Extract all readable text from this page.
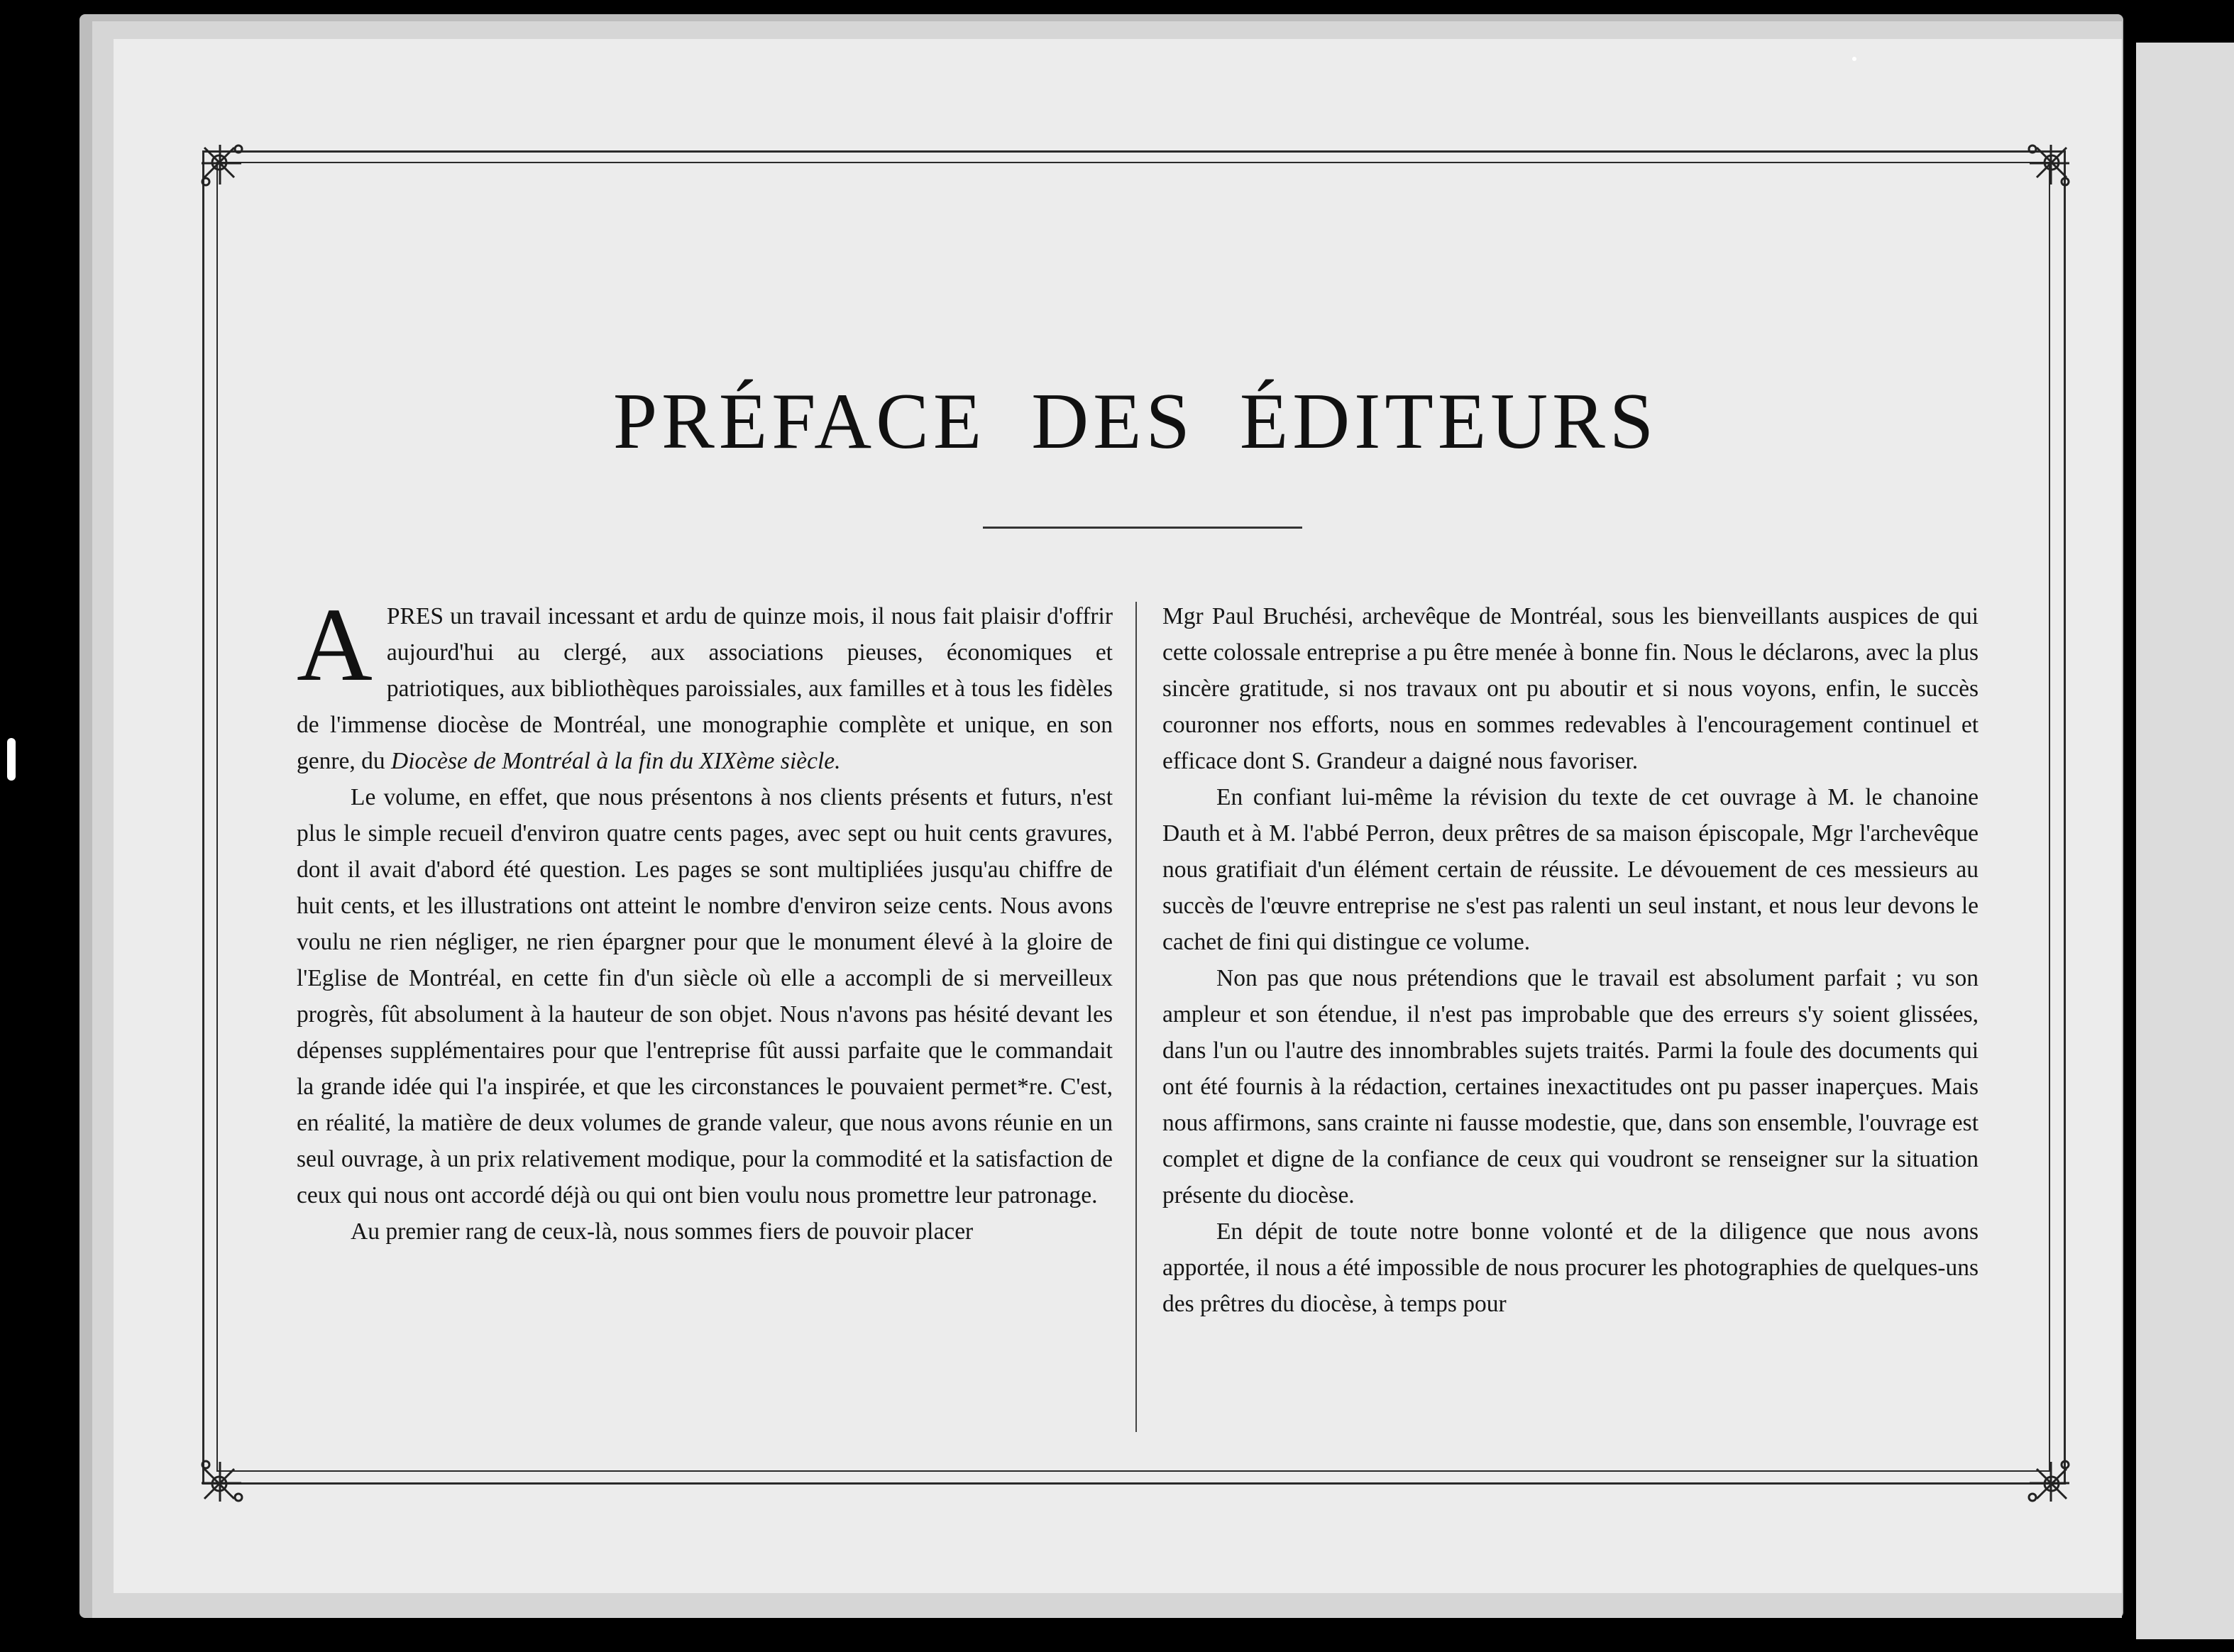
PRÉFACE DES ÉDITEURS

APRES un travail incessant et ardu de quinze mois, il nous fait plaisir d'offrir aujourd'hui au clergé, aux associations pieuses, économiques et patriotiques, aux bibliothèques paroissiales, aux familles et à tous les fidèles de l'immense diocèse de Montréal, une monographie complète et unique, en son genre, du Diocèse de Montréal à la fin du XIXème siècle.

Le volume, en effet, que nous présentons à nos clients présents et futurs, n'est plus le simple recueil d'environ quatre cents pages, avec sept ou huit cents gravures, dont il avait d'abord été question. Les pages se sont multipliées jusqu'au chiffre de huit cents, et les illustrations ont atteint le nombre d'environ seize cents. Nous avons voulu ne rien négliger, ne rien épargner pour que le monument élevé à la gloire de l'Eglise de Montréal, en cette fin d'un siècle où elle a accompli de si merveilleux progrès, fût absolument à la hauteur de son objet. Nous n'avons pas hésité devant les dépenses supplémentaires pour que l'entreprise fût aussi parfaite que le commandait la grande idée qui l'a inspirée, et que les circonstances le pouvaient permet*re. C'est, en réalité, la matière de deux volumes de grande valeur, que nous avons réunie en un seul ouvrage, à un prix relativement modique, pour la commodité et la satisfaction de ceux qui nous ont accordé déjà ou qui ont bien voulu nous promettre leur patronage.

Au premier rang de ceux-là, nous sommes fiers de pouvoir placer

Mgr Paul Bruchési, archevêque de Montréal, sous les bienveillants auspices de qui cette colossale entreprise a pu être menée à bonne fin. Nous le déclarons, avec la plus sincère gratitude, si nos travaux ont pu aboutir et si nous voyons, enfin, le succès couronner nos efforts, nous en sommes redevables à l'encouragement continuel et efficace dont S. Grandeur a daigné nous favoriser.

En confiant lui-même la révision du texte de cet ouvrage à M. le chanoine Dauth et à M. l'abbé Perron, deux prêtres de sa maison épiscopale, Mgr l'archevêque nous gratifiait d'un élément certain de réussite. Le dévouement de ces messieurs au succès de l'œuvre entreprise ne s'est pas ralenti un seul instant, et nous leur devons le cachet de fini qui distingue ce volume.

Non pas que nous prétendions que le travail est absolument parfait ; vu son ampleur et son étendue, il n'est pas improbable que des erreurs s'y soient glissées, dans l'un ou l'autre des innombrables sujets traités. Parmi la foule des documents qui ont été fournis à la rédaction, certaines inexactitudes ont pu passer inaperçues. Mais nous affirmons, sans crainte ni fausse modestie, que, dans son ensemble, l'ouvrage est complet et digne de la confiance de ceux qui voudront se renseigner sur la situation présente du diocèse.

En dépit de toute notre bonne volonté et de la diligence que nous avons apportée, il nous a été impossible de nous procurer les photographies de quelques-uns des prêtres du diocèse, à temps pour
